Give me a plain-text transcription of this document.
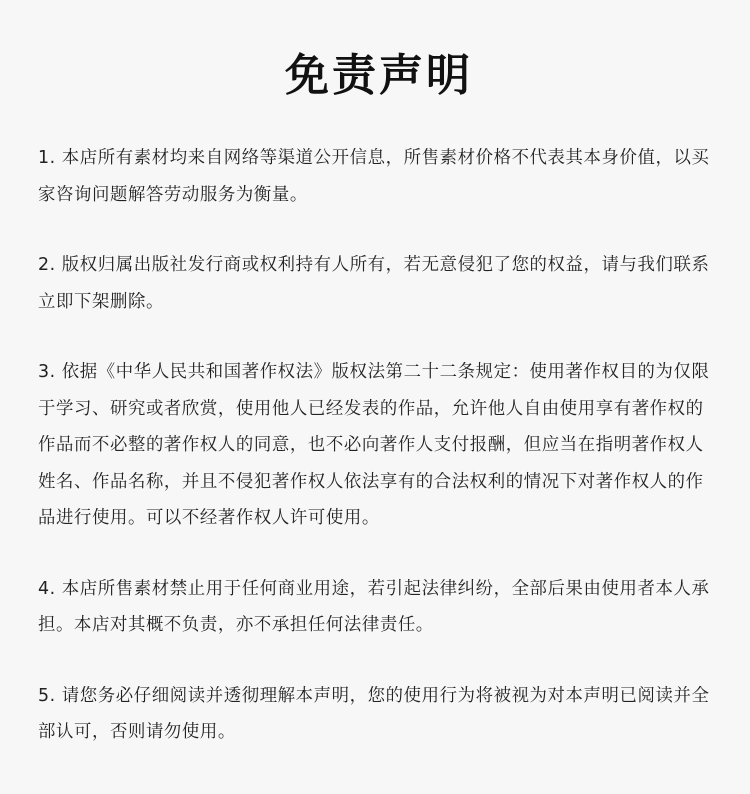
免责声明
1. 本店所有素材均来自网络等渠道公开信息，所售素材价格不代表其本身价值，以买家咨询问题解答劳动服务为衡量。
2. 版权归属出版社发行商或权利持有人所有，若无意侵犯了您的权益，请与我们联系立即下架删除。
3. 依据《中华人民共和国著作权法》版权法第二十二条规定：使用著作权目的为仅限于学习、研究或者欣赏，使用他人已经发表的作品，允许他人自由使用享有著作权的作品而不必整的著作权人的同意，也不必向著作人支付报酬，但应当在指明著作权人姓名、作品名称，并且不侵犯著作权人依法享有的合法权利的情况下对著作权人的作品进行使用。可以不经著作权人许可使用。
4. 本店所售素材禁止用于任何商业用途，若引起法律纠纷，全部后果由使用者本人承担。本店对其概不负责，亦不承担任何法律责任。
5. 请您务必仔细阅读并透彻理解本声明，您的使用行为将被视为对本声明已阅读并全部认可，否则请勿使用。
